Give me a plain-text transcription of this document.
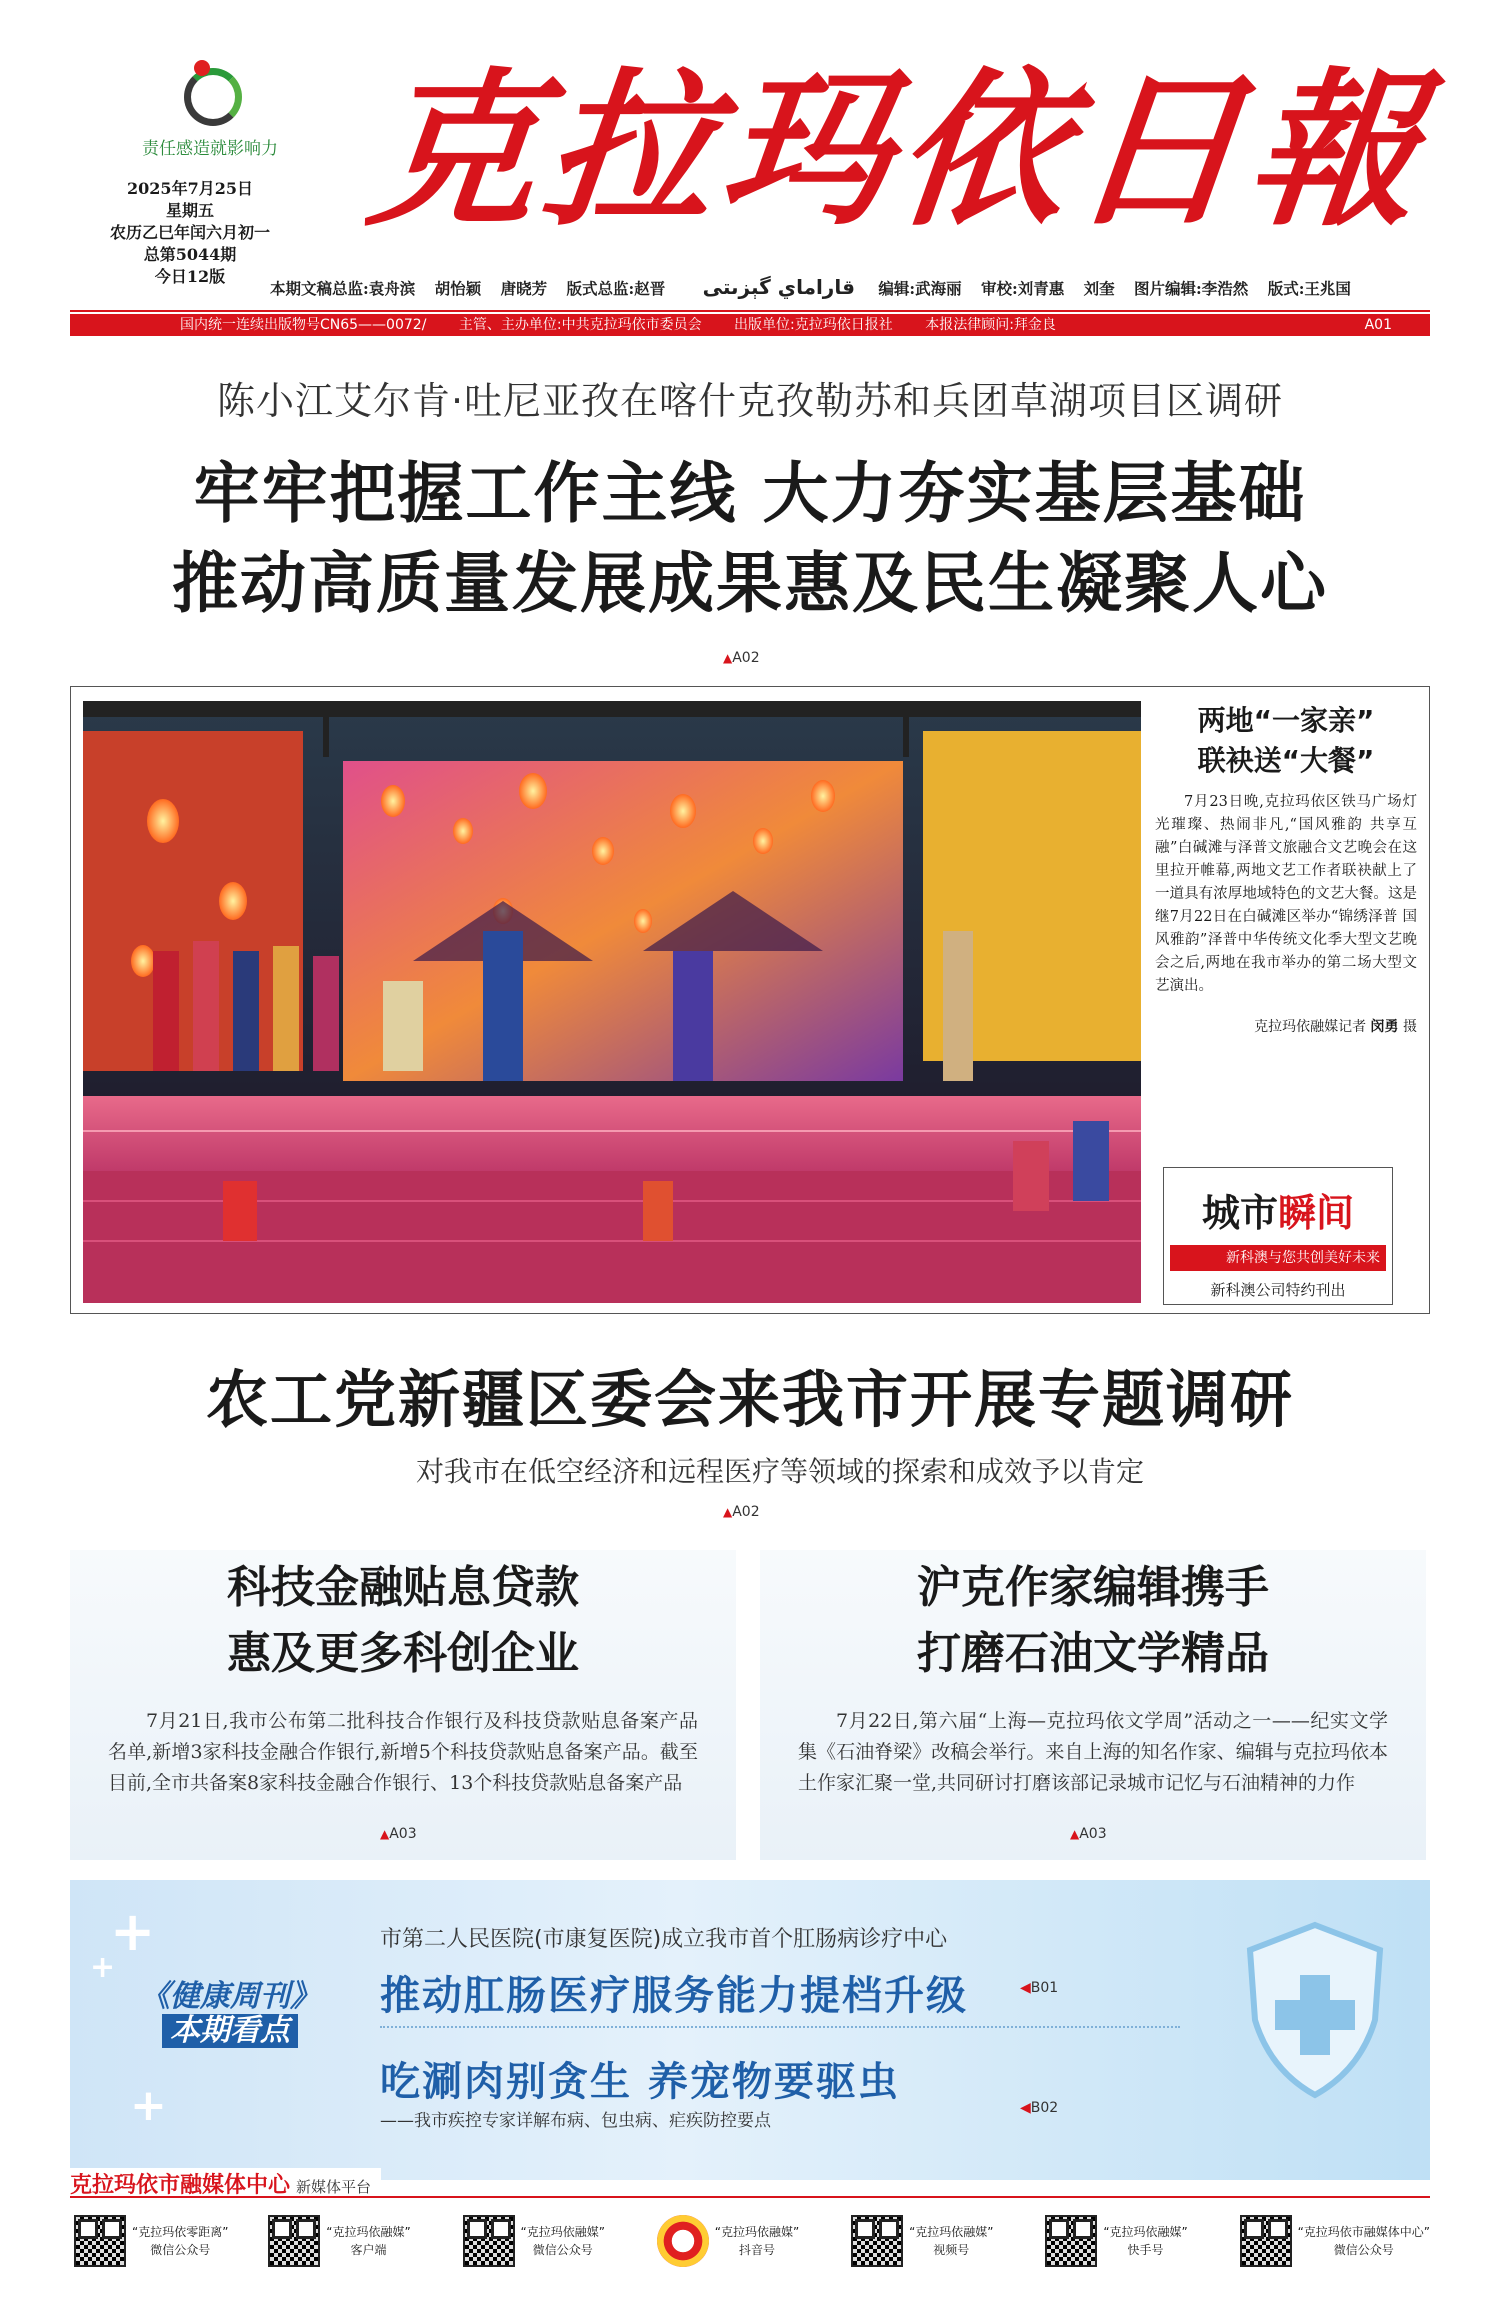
责任感造就影响力
2025年7月25日
星期五
农历乙巳年闰六月初一
总第5044期
今日12版
克拉玛依日報
本期文稿总监:袁舟滨 胡怡颖 唐晓芳 版式总监:赵晋 قاراماي گېزىتى 编辑:武海丽 审校:刘青惠 刘奎 图片编辑:李浩然 版式:王兆国
国内统一连续出版物号CN65——0072/ 主管、主办单位:中共克拉玛依市委员会 出版单位:克拉玛依日报社 本报法律顾问:拜金良	A01
陈小江艾尔肯·吐尼亚孜在喀什克孜勒苏和兵团草湖项目区调研
牢牢把握工作主线 大力夯实基层基础
推动高质量发展成果惠及民生凝聚人心
▲A02
两地“一家亲”
联袂送“大餐”
7月23日晚,克拉玛依区铁马广场灯光璀璨、热闹非凡,“国风雅韵 共享互融”白碱滩与泽普文旅融合文艺晚会在这里拉开帷幕,两地文艺工作者联袂献上了一道具有浓厚地域特色的文艺大餐。这是继7月22日在白碱滩区举办“锦绣泽普 国风雅韵”泽普中华传统文化季大型文艺晚会之后,两地在我市举办的第二场大型文艺演出。
克拉玛依融媒记者 闵勇 摄
城市瞬间
新科澳与您共创美好未来
新科澳公司特约刊出
农工党新疆区委会来我市开展专题调研
对我市在低空经济和远程医疗等领域的探索和成效予以肯定
▲A02
科技金融贴息贷款
惠及更多科创企业
7月21日,我市公布第二批科技合作银行及科技贷款贴息备案产品名单,新增3家科技金融合作银行,新增5个科技贷款贴息备案产品。截至目前,全市共备案8家科技金融合作银行、13个科技贷款贴息备案产品
▲A03
沪克作家编辑携手
打磨石油文学精品
7月22日,第六届“上海—克拉玛依文学周”活动之一——纪实文学集《石油脊梁》改稿会举行。来自上海的知名作家、编辑与克拉玛依本土作家汇聚一堂,共同研讨打磨该部记录城市记忆与石油精神的力作
▲A03
+
+
+
《健康周刊》
本期看点
市第二人民医院(市康复医院)成立我市首个肛肠病诊疗中心
推动肛肠医疗服务能力提档升级	◀B01
吃涮肉别贪生 养宠物要驱虫
——我市疾控专家详解布病、包虫病、疟疾防控要点
◀B02
克拉玛依市融媒体中心 新媒体平台
“克拉玛依零距离”
微信公众号
“克拉玛依融媒”
客户端
“克拉玛依融媒”
微信公众号
“克拉玛依融媒”
抖音号
“克拉玛依融媒”
视频号
“克拉玛依融媒”
快手号
“克拉玛依市融媒体中心”
微信公众号
